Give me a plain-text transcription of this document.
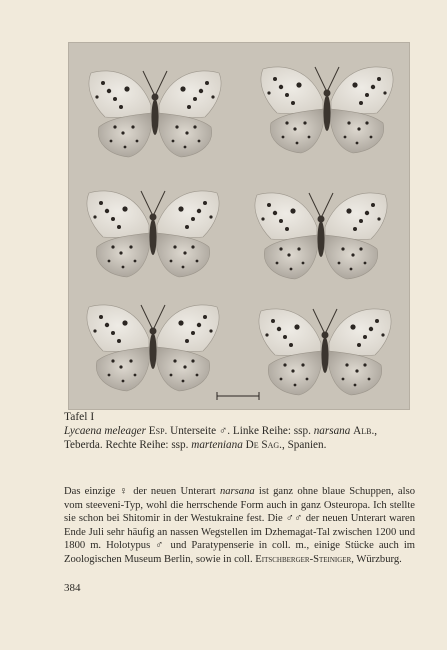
Tafel I
Lycaena meleager Esp. Unterseite ♂. Linke Reihe: ssp. narsana Alb., Teberda. Rechte Reihe: ssp. marteniana De Sag., Spanien.

Das einzige ♀ der neuen Unterart narsana ist ganz ohne blaue Schuppen, also vom steeveni-Typ, wohl die herrschende Form auch in ganz Osteuropa. Ich stellte sie schon bei Shitomir in der Westukraine fest. Die ♂♂ der neuen Unterart waren Ende Juli sehr häufig an nassen Wegstellen im Dzhemagat-Tal zwischen 1200 und 1800 m. Holotypus ♂ und Paratypenserie in coll. m., einige Stücke auch im Zoologischen Museum Berlin, sowie in coll. Eitschberger-Steiniger, Würzburg.

384
